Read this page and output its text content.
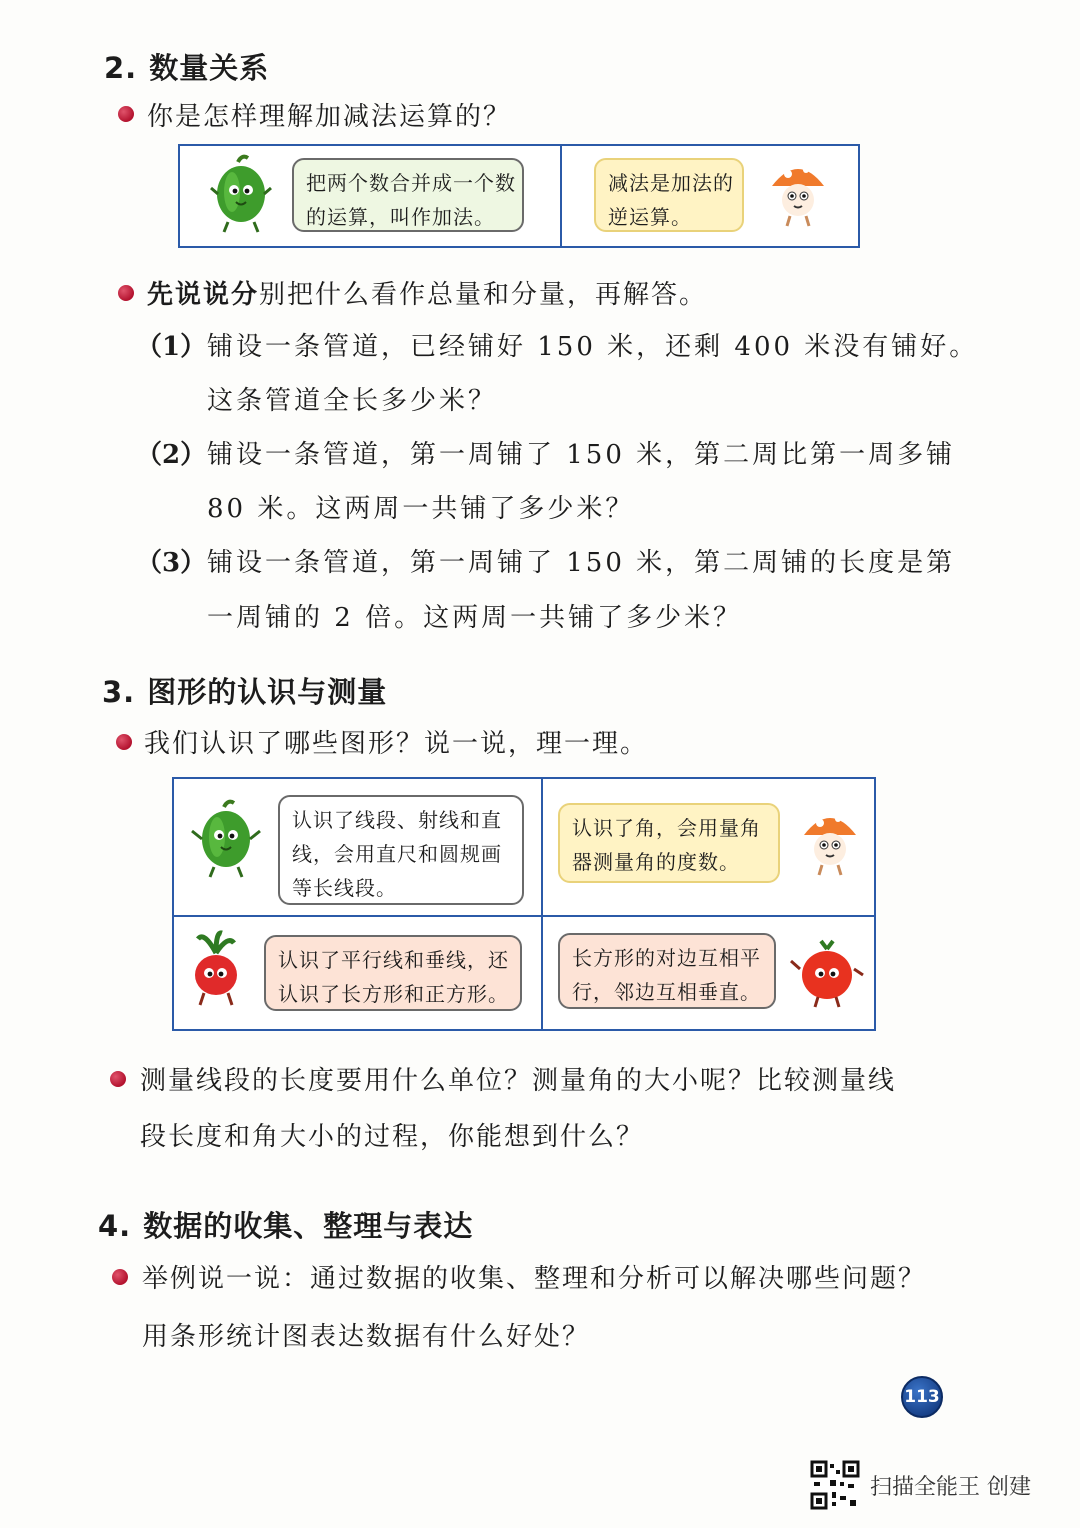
2. 数量关系
你是怎样理解加减法运算的？
把两个数合并成一个数
的运算，叫作加法。
减法是加法的
逆运算。
先说说分别把什么看作总量和分量，再解答。
（1） 铺设一条管道，已经铺好 150 米，还剩 400 米没有铺好。
这条管道全长多少米？
（2） 铺设一条管道，第一周铺了 150 米，第二周比第一周多铺
80 米。这两周一共铺了多少米？
（3） 铺设一条管道，第一周铺了 150 米，第二周铺的长度是第
一周铺的 2 倍。这两周一共铺了多少米？
3. 图形的认识与测量
我们认识了哪些图形？说一说，理一理。
认识了线段、射线和直
线，会用直尺和圆规画
等长线段。
认识了角，会用量角
器测量角的度数。
认识了平行线和垂线，还
认识了长方形和正方形。
长方形的对边互相平
行，邻边互相垂直。
测量线段的长度要用什么单位？测量角的大小呢？比较测量线
段长度和角大小的过程，你能想到什么？
4. 数据的收集、整理与表达
举例说一说：通过数据的收集、整理和分析可以解决哪些问题？
用条形统计图表达数据有什么好处？
113
扫描全能王 创建
